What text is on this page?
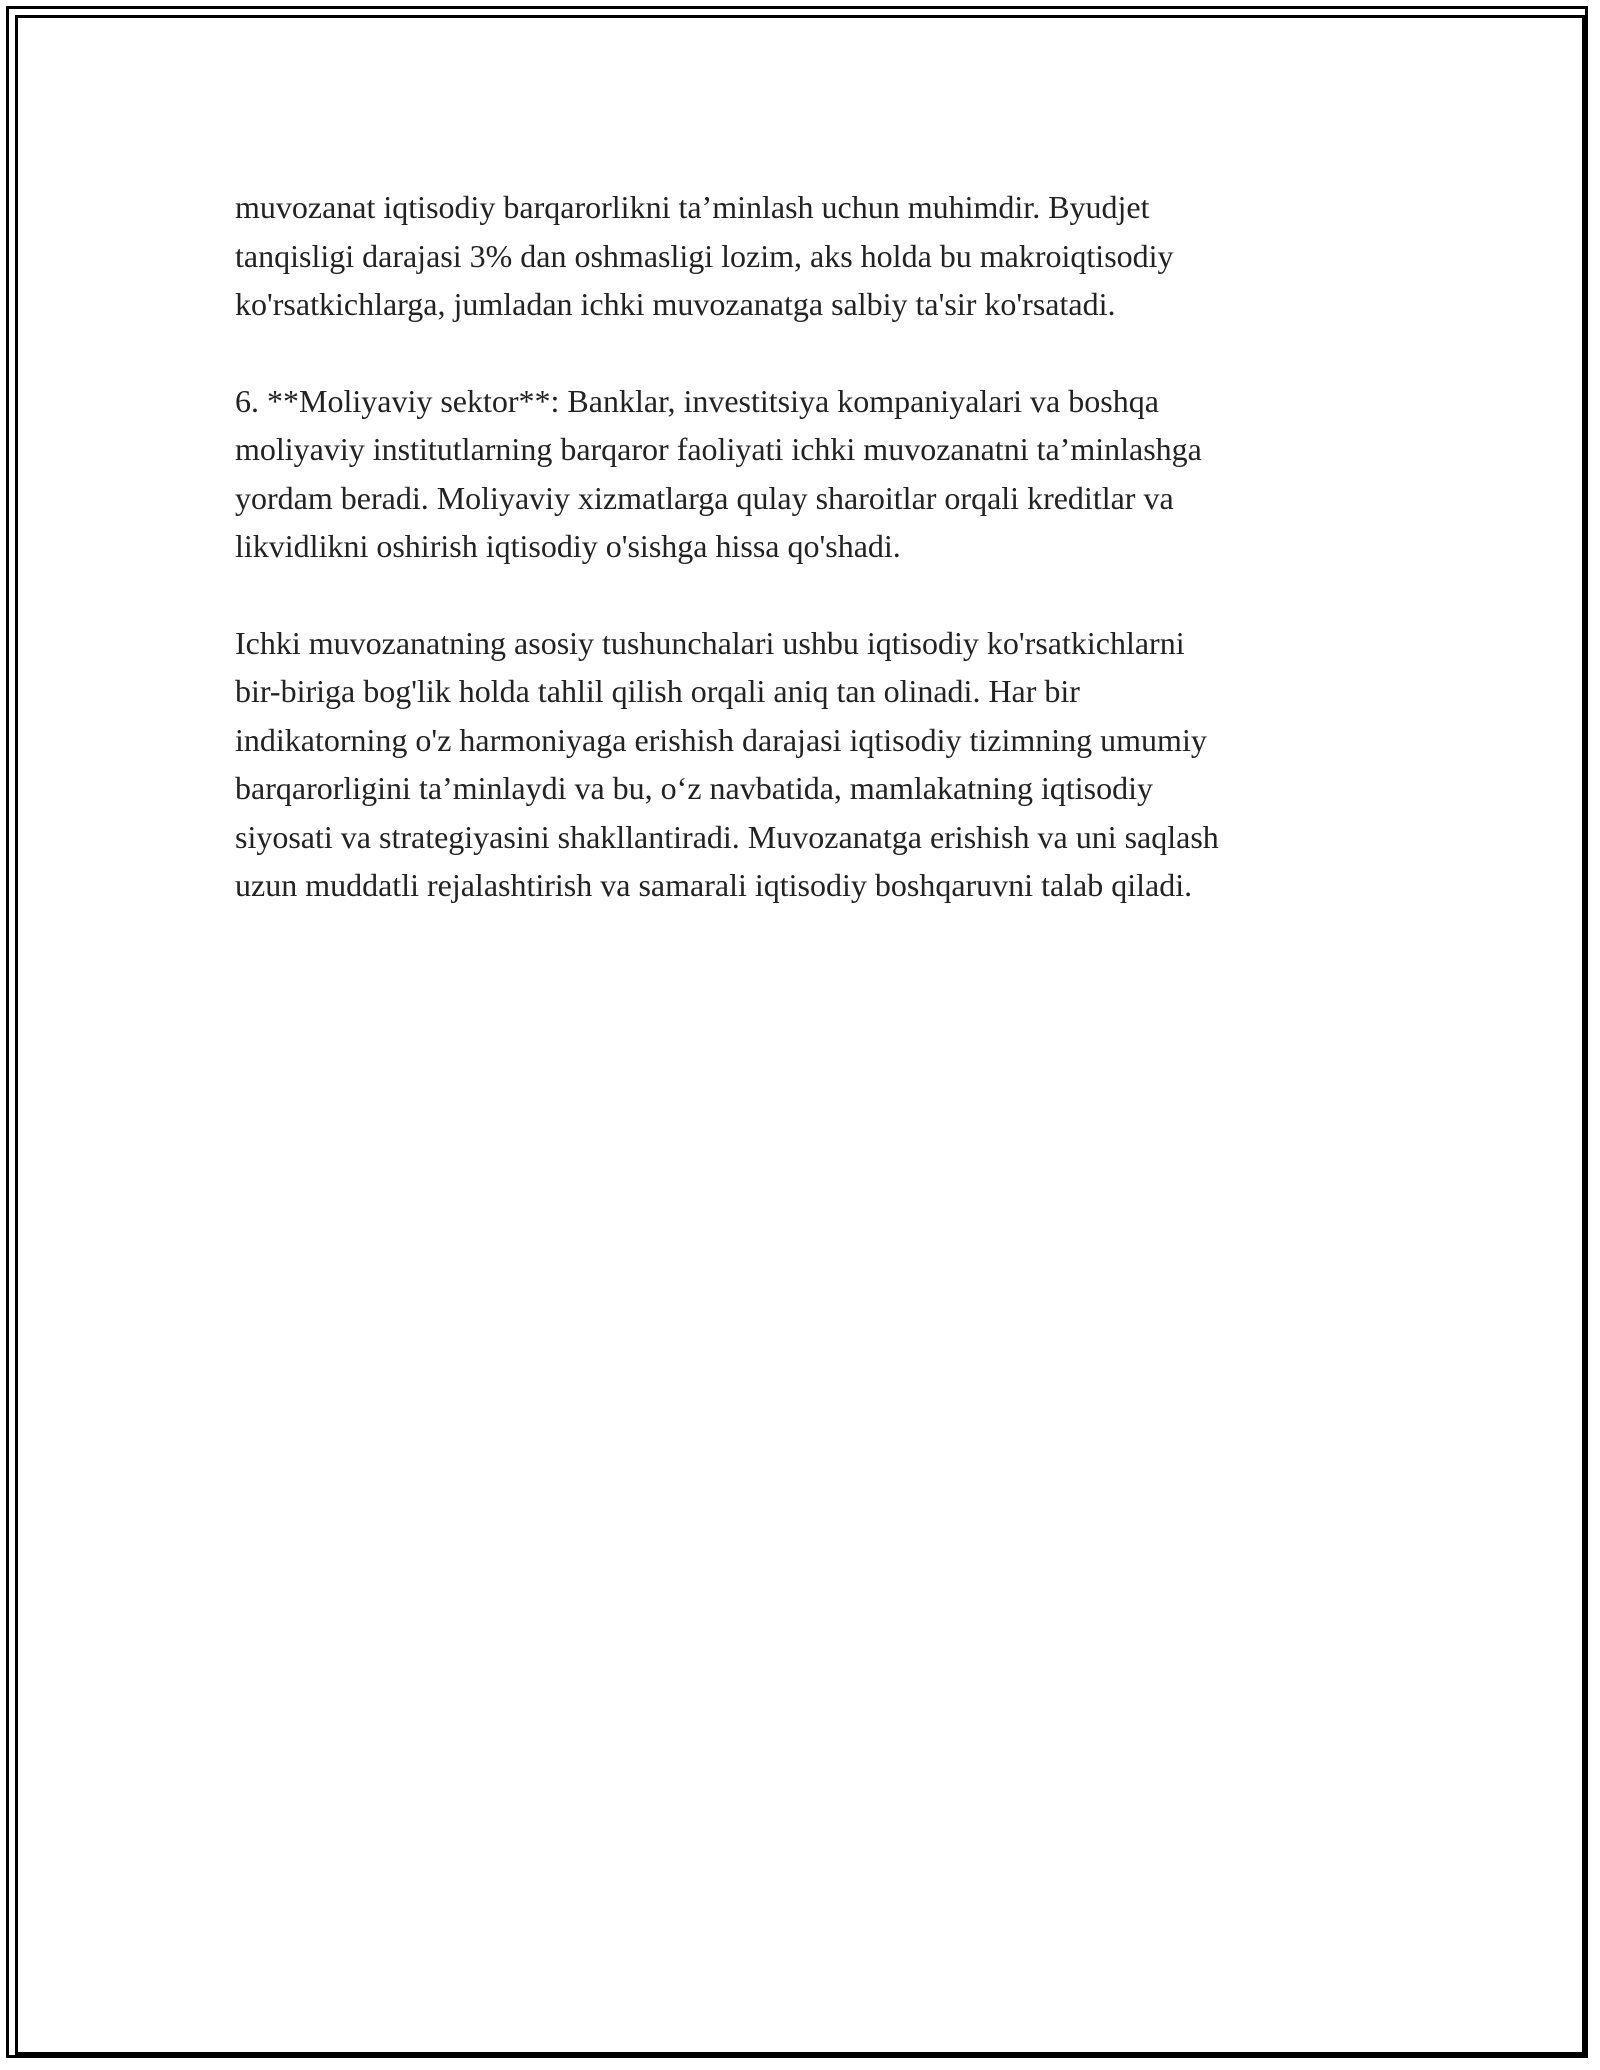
muvozanat iqtisodiy barqarorlikni ta’minlash uchun muhimdir. Byudjet
tanqisligi darajasi 3% dan oshmasligi lozim, aks holda bu makroiqtisodiy
ko'rsatkichlarga, jumladan ichki muvozanatga salbiy ta'sir ko'rsatadi.

6. **Moliyaviy sektor**: Banklar, investitsiya kompaniyalari va boshqa
moliyaviy institutlarning barqaror faoliyati ichki muvozanatni ta’minlashga
yordam beradi. Moliyaviy xizmatlarga qulay sharoitlar orqali kreditlar va
likvidlikni oshirish iqtisodiy o'sishga hissa qo'shadi.

Ichki muvozanatning asosiy tushunchalari ushbu iqtisodiy ko'rsatkichlarni
bir-biriga bog'lik holda tahlil qilish orqali aniq tan olinadi. Har bir
indikatorning o'z harmoniyaga erishish darajasi iqtisodiy tizimning umumiy
barqarorligini ta’minlaydi va bu, o‘z navbatida, mamlakatning iqtisodiy
siyosati va strategiyasini shakllantiradi. Muvozanatga erishish va uni saqlash
uzun muddatli rejalashtirish va samarali iqtisodiy boshqaruvni talab qiladi.
